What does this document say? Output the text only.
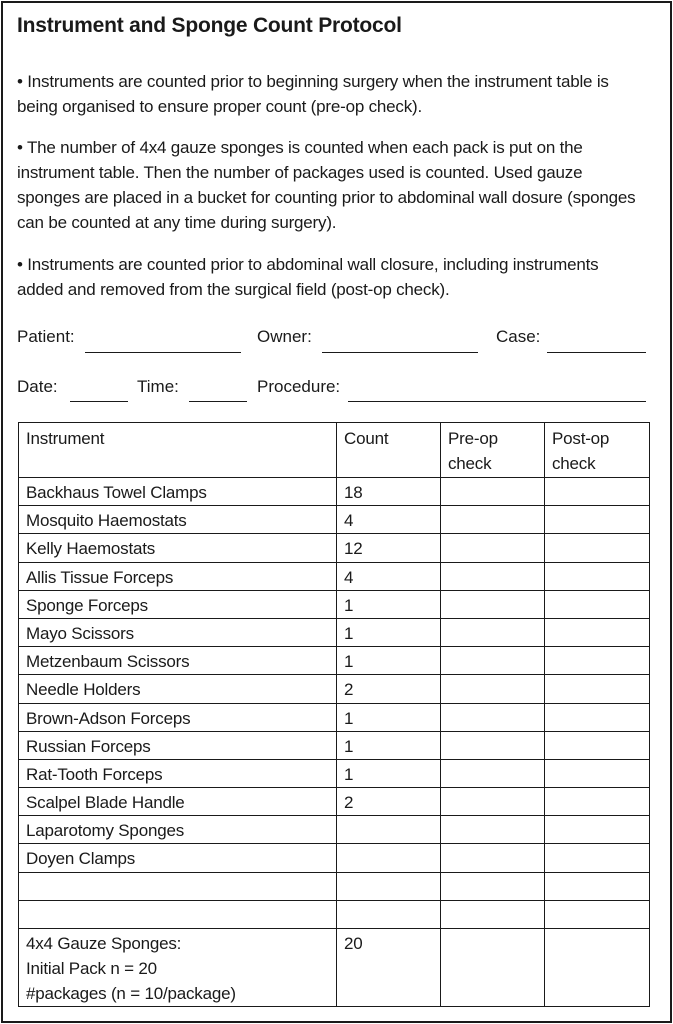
Instrument and Sponge Count Protocol

• Instruments are counted prior to beginning surgery when the instrument table is being organised to ensure proper count (pre-op check).

• The number of 4x4 gauze sponges is counted when each pack is put on the instrument table. Then the number of packages used is counted. Used gauze sponges are placed in a bucket for counting prior to abdominal wall dosure (sponges can be counted at any time during surgery).

• Instruments are counted prior to abdominal wall closure, including instruments added and removed from the surgical field (post-op check).

Patient:	Owner:	Case:
Date:	Time:	Procedure:
Instrument	Count	Pre-op check	Post-op check
Backhaus Towel Clamps	18		
Mosquito Haemostats	4		
Kelly Haemostats	12		
Allis Tissue Forceps	4		
Sponge Forceps	1		
Mayo Scissors	1		
Metzenbaum Scissors	1		
Needle Holders	2		
Brown-Adson Forceps	1		
Russian Forceps	1		
Rat-Tooth Forceps	1		
Scalpel Blade Handle	2		
Laparotomy Sponges			
Doyen Clamps			

4x4 Gauze Sponges:
Initial Pack n = 20
#packages (n = 10/package)	20		
